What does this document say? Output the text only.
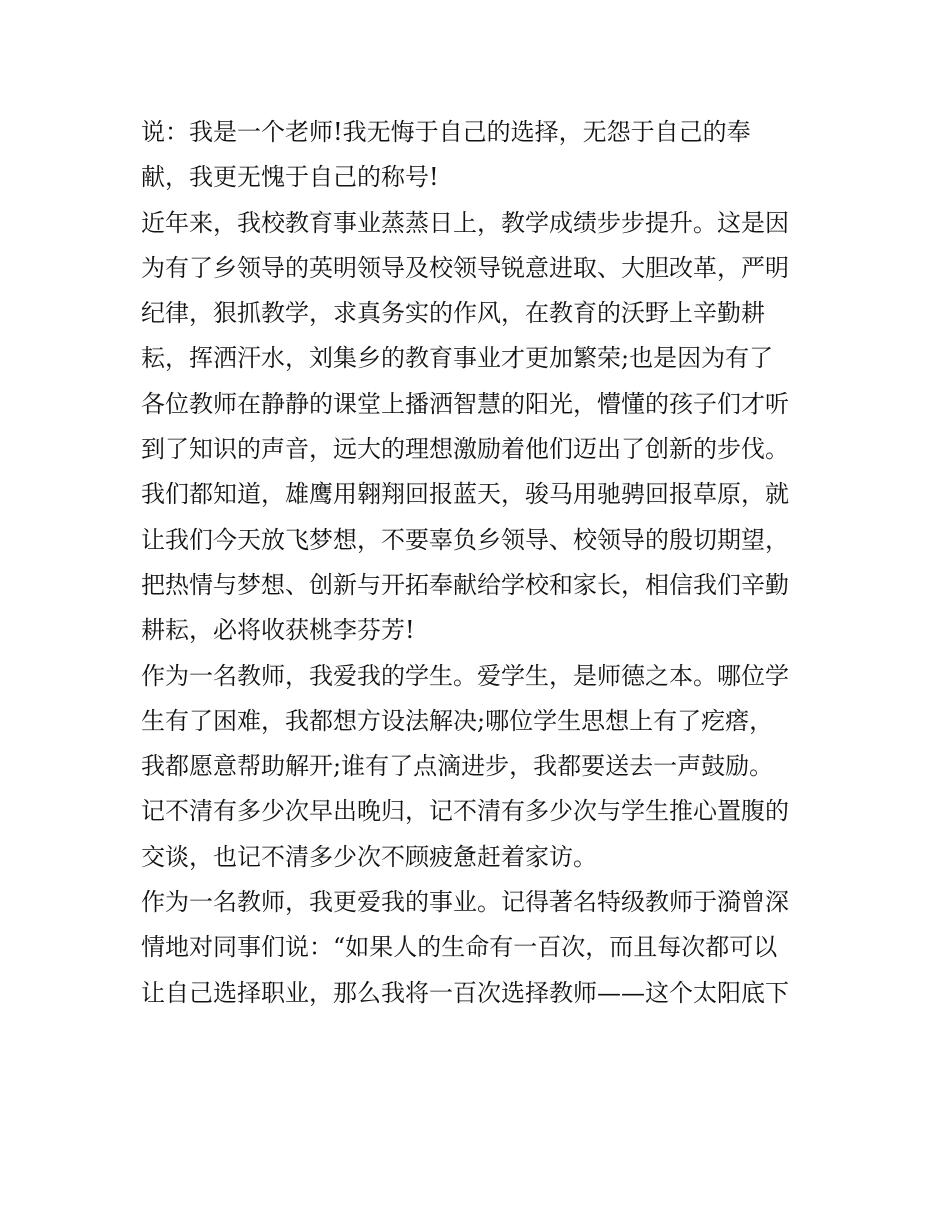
说：我是一个老师!我无悔于自己的选择，无怨于自己的奉
献，我更无愧于自己的称号!
近年来，我校教育事业蒸蒸日上，教学成绩步步提升。这是因
为有了乡领导的英明领导及校领导锐意进取、大胆改革，严明
纪律，狠抓教学，求真务实的作风，在教育的沃野上辛勤耕
耘，挥洒汗水，刘集乡的教育事业才更加繁荣;也是因为有了
各位教师在静静的课堂上播洒智慧的阳光，懵懂的孩子们才听
到了知识的声音，远大的理想激励着他们迈出了创新的步伐。
我们都知道，雄鹰用翱翔回报蓝天，骏马用驰骋回报草原，就
让我们今天放飞梦想，不要辜负乡领导、校领导的殷切期望，
把热情与梦想、创新与开拓奉献给学校和家长，相信我们辛勤
耕耘，必将收获桃李芬芳!
作为一名教师，我爱我的学生。爱学生，是师德之本。哪位学
生有了困难，我都想方设法解决;哪位学生思想上有了疙瘩，
我都愿意帮助解开;谁有了点滴进步，我都要送去一声鼓励。
记不清有多少次早出晚归，记不清有多少次与学生推心置腹的
交谈，也记不清多少次不顾疲惫赶着家访。
作为一名教师，我更爱我的事业。记得著名特级教师于漪曾深
情地对同事们说：“如果人的生命有一百次，而且每次都可以
让自己选择职业，那么我将一百次选择教师——这个太阳底下
